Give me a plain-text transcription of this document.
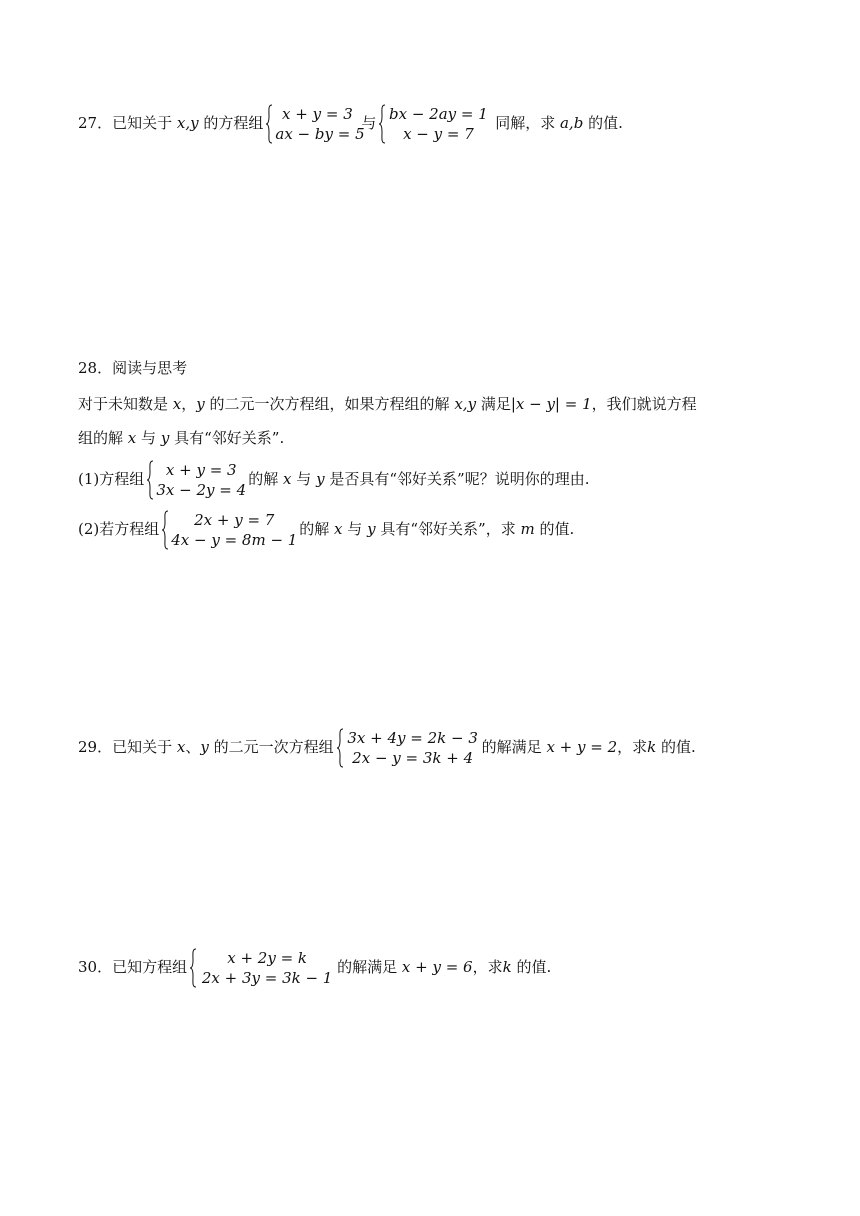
27．已知关于 x,y 的方程组	x + y = 3
ax − by = 5
与 bx − 2ay = 1
x − y = 7
同解，求 a,b 的值.
28．阅读与思考
对于未知数是 x，y 的二元一次方程组，如果方程组的解 x,y 满足|x − y| = 1，我们就说方程
组的解 x 与 y 具有“邻好关系”.
(1)方程组	x + y = 3
3x − 2y = 4
的解 x 与 y 是否具有“邻好关系”呢？说明你的理由.
(2)若方程组	2x + y = 7
4x − y = 8m − 1
的解 x 与 y 具有“邻好关系”，求 m 的值.
29．已知关于 x、y 的二元一次方程组 3x + 4y = 2k − 3
2x − y = 3k + 4
的解满足 x + y = 2，求k 的值.
30．已知方程组	x + 2y = k
2x + 3y = 3k − 1
的解满足 x + y = 6，求k 的值.
